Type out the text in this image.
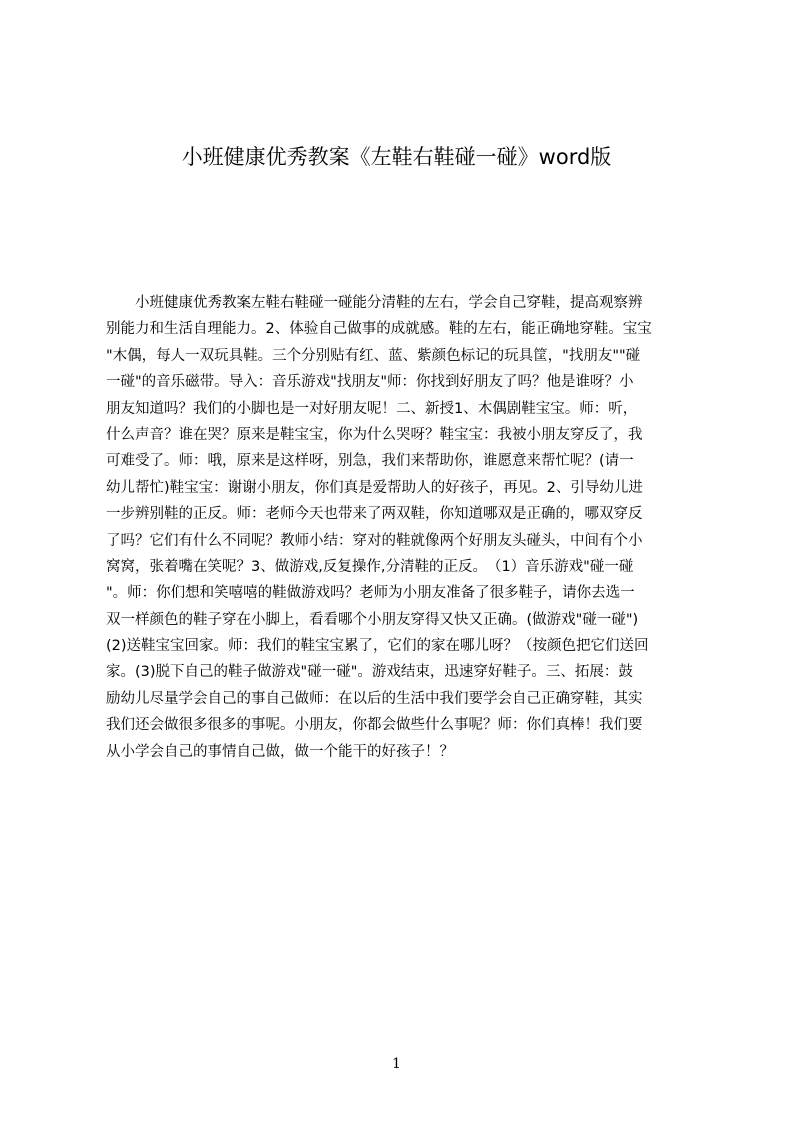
小班健康优秀教案《左鞋右鞋碰一碰》word版
　　小班健康优秀教案左鞋右鞋碰一碰能分清鞋的左右，学会自己穿鞋，提高观察辨
别能力和生活自理能力。2、体验自己做事的成就感。鞋的左右，能正确地穿鞋。宝宝
"木偶，每人一双玩具鞋。三个分别贴有红、蓝、紫颜色标记的玩具筐，"找朋友""碰
一碰"的音乐磁带。导入：音乐游戏"找朋友"师：你找到好朋友了吗？他是谁呀？小
朋友知道吗？我们的小脚也是一对好朋友呢！二、新授1、木偶剧鞋宝宝。师：听，
什么声音？谁在哭？原来是鞋宝宝，你为什么哭呀？鞋宝宝：我被小朋友穿反了，我
可难受了。师：哦，原来是这样呀，别急，我们来帮助你，谁愿意来帮忙呢？(请一
幼儿帮忙)鞋宝宝：谢谢小朋友，你们真是爱帮助人的好孩子，再见。2、引导幼儿进
一步辨别鞋的正反。师：老师今天也带来了两双鞋，你知道哪双是正确的，哪双穿反
了吗？它们有什么不同呢？教师小结：穿对的鞋就像两个好朋友头碰头，中间有个小
窝窝，张着嘴在笑呢？3、做游戏,反复操作,分清鞋的正反。　（1）音乐游戏"碰一碰
"。师：你们想和笑嘻嘻的鞋做游戏吗？老师为小朋友准备了很多鞋子，请你去选一
双一样颜色的鞋子穿在小脚上，看看哪个小朋友穿得又快又正确。(做游戏"碰一碰")
(2)送鞋宝宝回家。师：我们的鞋宝宝累了，它们的家在哪儿呀？（按颜色把它们送回
家。(3)脱下自己的鞋子做游戏"碰一碰"。游戏结束，迅速穿好鞋子。三、拓展：鼓
励幼儿尽量学会自己的事自己做师：在以后的生活中我们要学会自己正确穿鞋，其实
我们还会做很多很多的事呢。小朋友，你都会做些什么事呢？师：你们真棒！我们要
从小学会自己的事情自己做，做一个能干的好孩子！？
1
